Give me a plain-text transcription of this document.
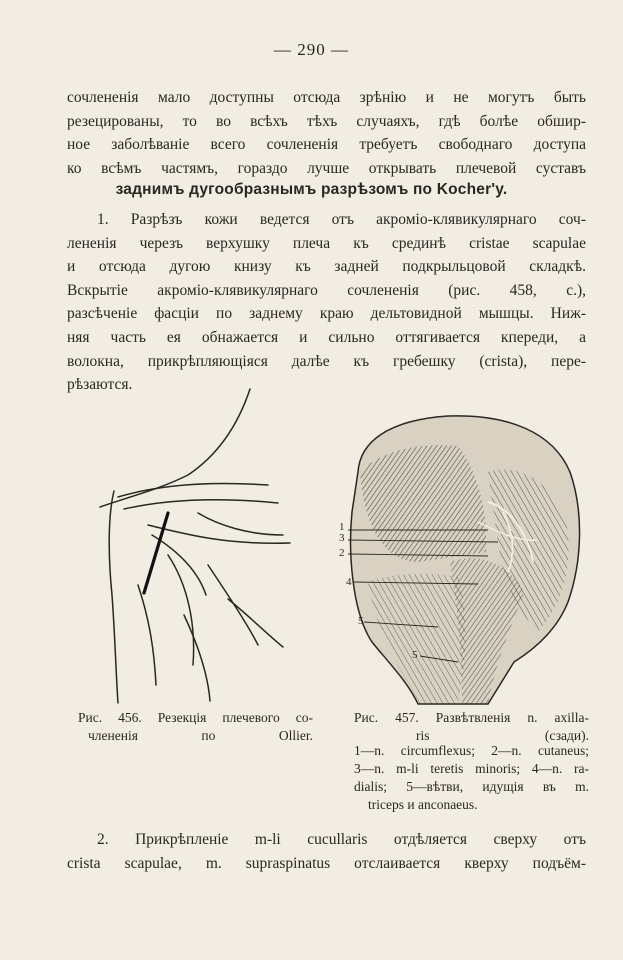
— 290 —
сочлененія мало доступны отсюда зрѣнію и не могутъ быть
резецированы, то во всѣхъ тѣхъ случаяхъ, гдѣ болѣе обшир-
ное заболѣваніе всего сочлененія требуетъ свободнаго доступа
ко всѣмъ частямъ, гораздо лучше открывать плечевой суставъ
заднимъ дугообразнымъ разрѣзомъ по Kocher'y.
1. Разрѣзъ кожи ведется отъ акроміо-клявикулярнаго соч-
лененія черезъ верхушку плеча къ срединѣ cristae scapulae
и отсюда дугою книзу къ задней подкрыльцовой складкѣ.
Вскрытіе акроміо-клявикулярнаго сочлененія (рис. 458, с.),
разсѣченіе фасціи по заднему краю дельтовидной мышцы. Ниж-
няя часть ея обнажается и сильно оттягивается кпереди, а
волокна, прикрѣпляющіяся далѣе къ гребешку (crista), пере-
рѣзаются.
1
3
2
4
5
5
Рис. 456. Резекція плечевого со-
члененія по Ollier.
Рис. 457. Развѣтвленія n. axilla-
ris (сзади).
1—n. circumflexus; 2—n. cutaneus;
3—n. m-li teretis minoris; 4—n. ra-
dialis; 5—вѣтви, идущія въ m.
triceps и anconaeus.
2. Прикрѣпленіе m-li cucullaris отдѣляется сверху отъ
crista scapulae, m. supraspinatus отслаивается кверху подъём-
